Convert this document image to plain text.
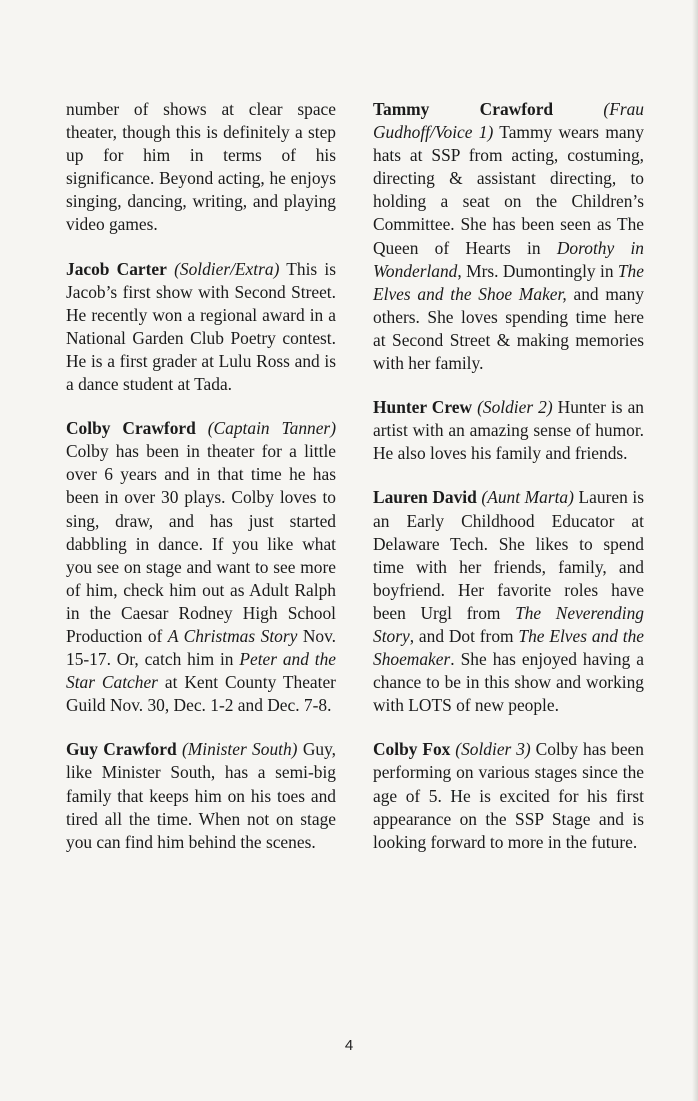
number of shows at clear space theater, though this is definitely a step up for him in terms of his significance. Beyond acting, he enjoys singing, dancing, writing, and playing video games.

Jacob Carter (Soldier/Extra) This is Jacob’s first show with Second Street. He recently won a regional award in a National Garden Club Poetry contest. He is a first grader at Lulu Ross and is a dance student at Tada.

Colby Crawford (Captain Tanner) Colby has been in theater for a little over 6 years and in that time he has been in over 30 plays. Colby loves to sing, draw, and has just started dabbling in dance. If you like what you see on stage and want to see more of him, check him out as Adult Ralph in the Caesar Rodney High School Production of A Christmas Story Nov. 15-17. Or, catch him in Peter and the Star Catcher at Kent County Theater Guild Nov. 30, Dec. 1-2 and Dec. 7-8.

Guy Crawford (Minister South) Guy, like Minister South, has a semi-big family that keeps him on his toes and tired all the time. When not on stage you can find him behind the scenes.

Tammy Crawford	(Frau Gudhoff/Voice 1) Tammy wears many hats at SSP from acting, costuming, directing & assistant directing, to holding a seat on the Children’s Committee. She has been seen as The Queen of Hearts in Dorothy in Wonderland, Mrs. Dumontingly in The Elves and the Shoe Maker, and many others. She loves spending time here at Second Street & making memories with her family.

Hunter Crew (Soldier 2) Hunter is an artist with an amazing sense of humor. He also loves his family and friends.

Lauren David (Aunt Marta) Lauren is an Early Childhood Educator at Delaware Tech. She likes to spend time with her friends, family, and boyfriend. Her favorite roles have been Urgl from The Neverending Story, and Dot from The Elves and the Shoemaker. She has enjoyed having a chance to be in this show and working with LOTS of new people.

Colby Fox (Soldier 3) Colby has been performing on various stages since the age of 5. He is excited for his first appearance on the SSP Stage and is looking forward to more in the future.

4
